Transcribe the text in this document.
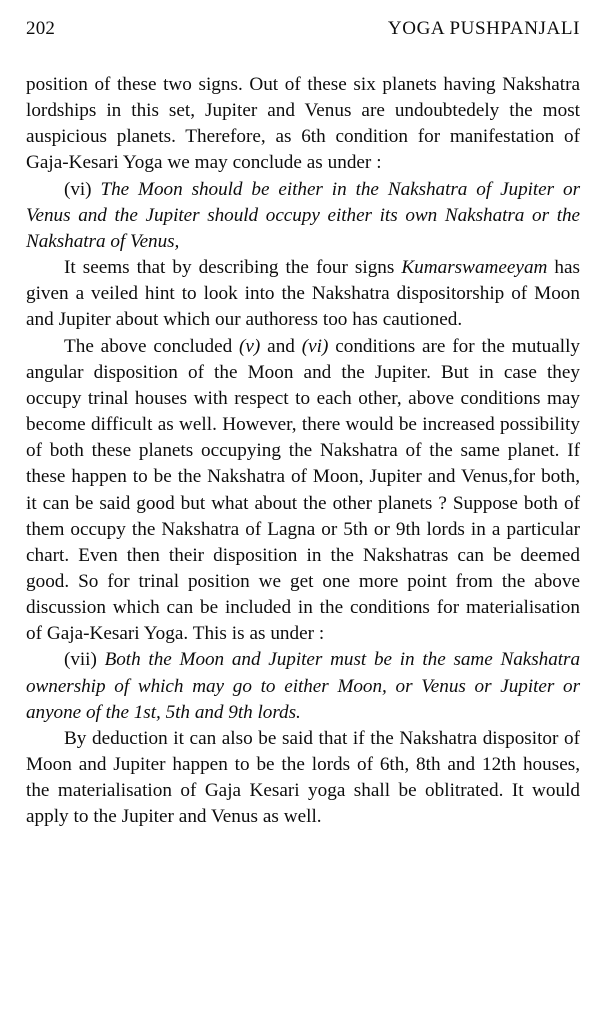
202	YOGA PUSHPANJALI

position of these two signs. Out of these six planets having Nakshatra lordships in this set, Jupiter and Venus are undoubtedely the most auspicious planets. Therefore, as 6th condition for manifestation of Gaja-Kesari Yoga we may conclude as under :

(vi) The Moon should be either in the Nakshatra of Jupiter or Venus and the Jupiter should occupy either its own Nakshatra or the Nakshatra of Venus,

It seems that by describing the four signs Kumarswameeyam has given a veiled hint to look into the Nakshatra dispositorship of Moon and Jupiter about which our authoress too has cautioned.

The above concluded (v) and (vi) conditions are for the mutually angular disposition of the Moon and the Jupiter. But in case they occupy trinal houses with respect to each other, above conditions may become difficult as well. However, there would be increased possibility of both these planets occupying the Nakshatra of the same planet. If these happen to be the Nakshatra of Moon, Jupiter and Venus,for both, it can be said good but what about the other planets ? Suppose both of them occupy the Nakshatra of Lagna or 5th or 9th lords in a particular chart. Even then their disposition in the Nakshatras can be deemed good. So for trinal position we get one more point from the above discussion which can be included in the conditions for materialisation of Gaja-Kesari Yoga. This is as under :

(vii) Both the Moon and Jupiter must be in the same Nakshatra ownership of which may go to either Moon, or Venus or Jupiter or anyone of the 1st, 5th and 9th lords.

By deduction it can also be said that if the Nakshatra dispositor of Moon and Jupiter happen to be the lords of 6th, 8th and 12th houses, the materialisation of Gaja Kesari yoga shall be oblitrated. It would apply to the Jupiter and Venus as well.
